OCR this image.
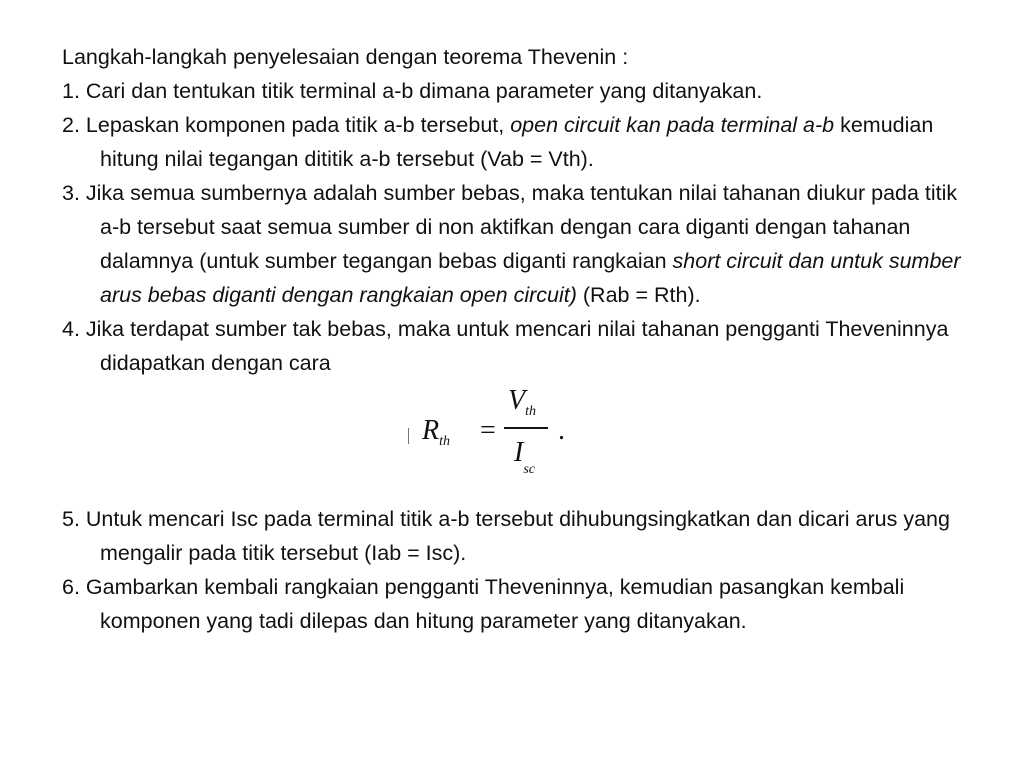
Langkah-langkah penyelesaian dengan teorema Thevenin :

1. Cari dan tentukan titik terminal a-b dimana parameter yang ditanyakan.

2. Lepaskan komponen pada titik a-b tersebut, open circuit kan pada terminal a-b kemudian hitung nilai tegangan dititik a-b tersebut (Vab = Vth).

3. Jika semua sumbernya adalah sumber bebas, maka tentukan nilai tahanan diukur pada titik a-b tersebut saat semua sumber di non aktifkan dengan cara diganti dengan tahanan dalamnya (untuk sumber tegangan bebas diganti rangkaian short circuit dan untuk sumber arus bebas diganti dengan rangkaian open circuit) (Rab = Rth).

4. Jika terdapat sumber tak bebas, maka untuk mencari nilai tahanan pengganti Theveninnya didapatkan dengan cara

$R_{th}$ =
$V_{th}$
$I_{sc}$
.

5. Untuk mencari Isc pada terminal titik a-b tersebut dihubungsingkatkan dan dicari arus yang mengalir pada titik tersebut (Iab = Isc).

6. Gambarkan kembali rangkaian pengganti Theveninnya, kemudian pasangkan kembali komponen yang tadi dilepas dan hitung parameter yang ditanyakan.
